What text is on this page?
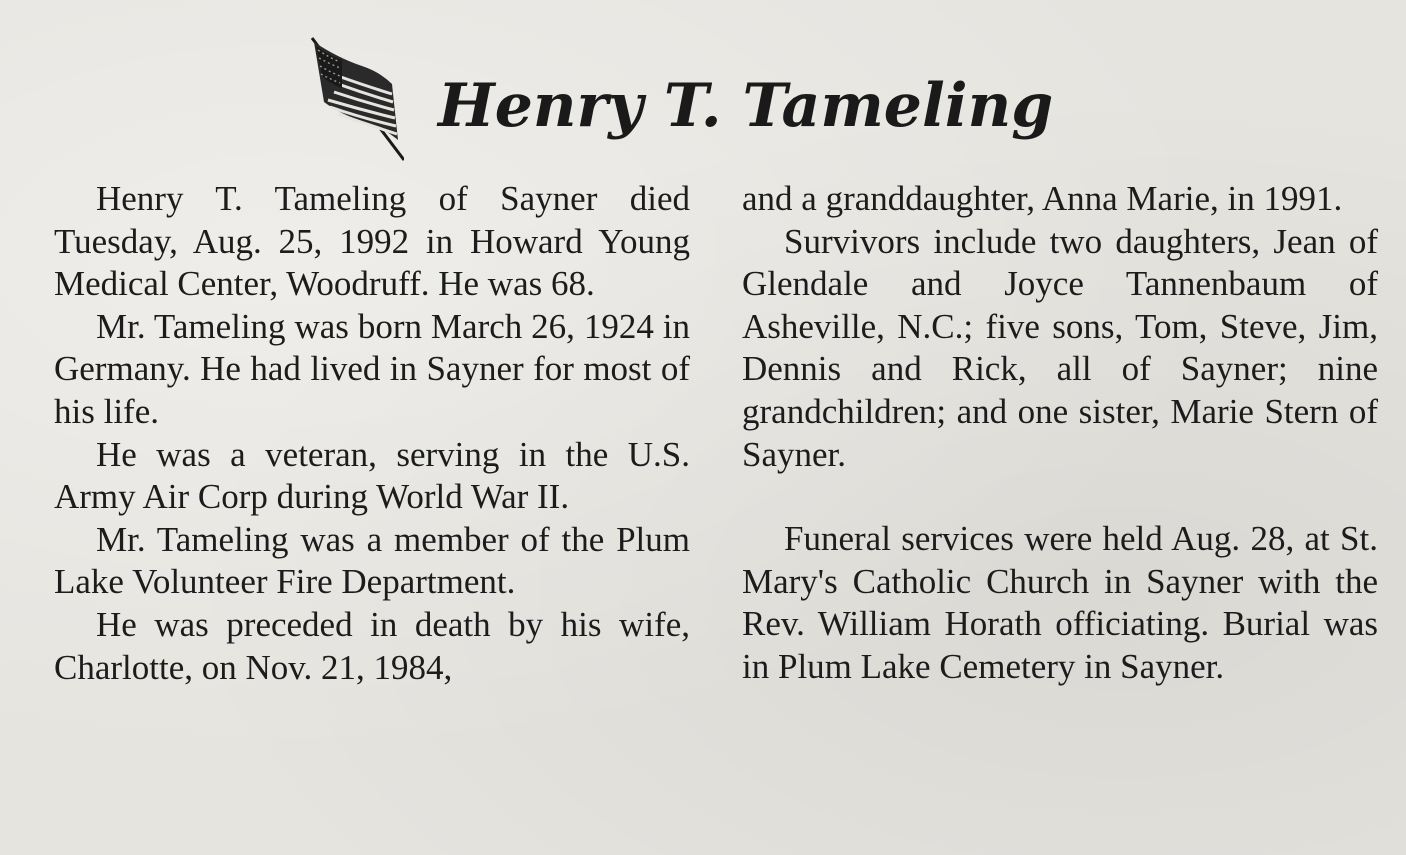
Henry T. Tameling

Henry T. Tameling of Sayner died Tuesday, Aug. 25, 1992 in Howard Young Medical Center, Woodruff. He was 68.

Mr. Tameling was born March 26, 1924 in Germany. He had lived in Sayner for most of his life.

He was a veteran, serving in the U.S. Army Air Corp during World War II.

Mr. Tameling was a member of the Plum Lake Volunteer Fire Department.

He was preceded in death by his wife, Charlotte, on Nov. 21, 1984,

and a granddaughter, Anna Marie, in 1991.

Survivors include two daughters, Jean of Glendale and Joyce Tannenbaum of Asheville, N.C.; five sons, Tom, Steve, Jim, Dennis and Rick, all of Sayner; nine grandchildren; and one sister, Marie Stern of Sayner.

Funeral services were held Aug. 28, at St. Mary's Catholic Church in Sayner with the Rev. William Horath officiating. Burial was in Plum Lake Cemetery in Sayner.
